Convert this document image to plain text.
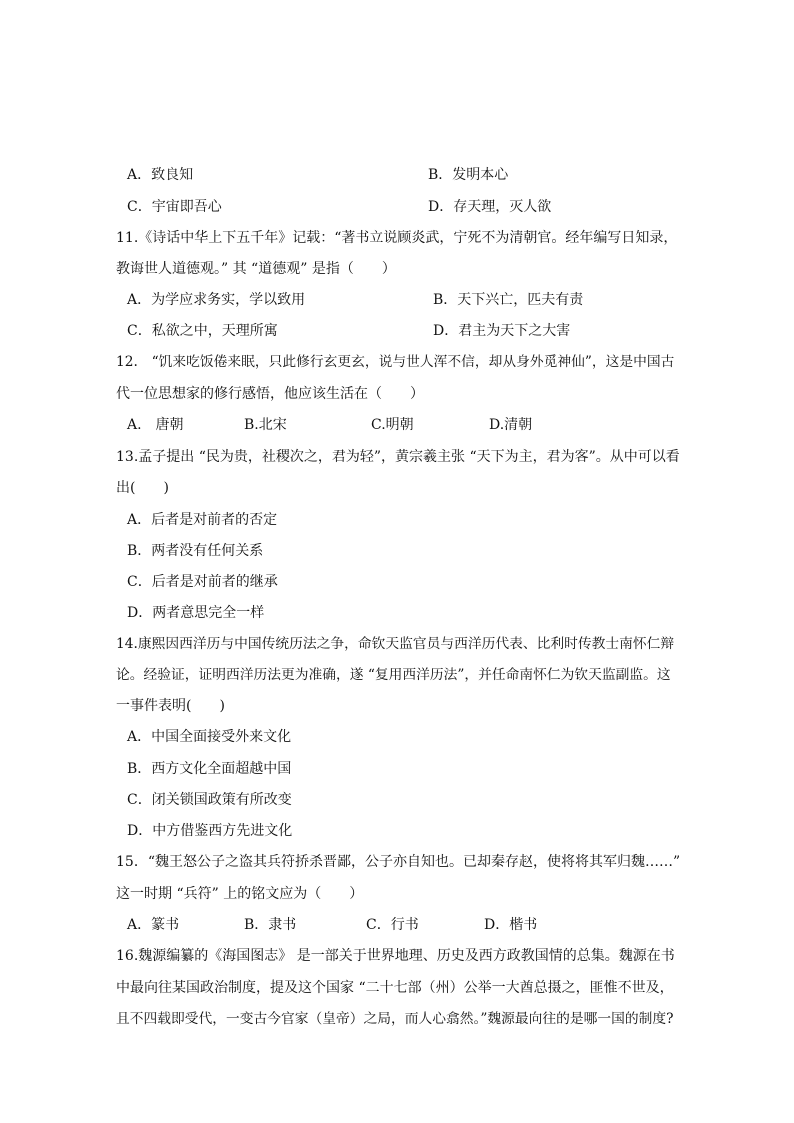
A．致良知	B．发明本心
C．宇宙即吾心	D．存天理，灭人欲
11.《诗话中华上下五千年》记载：“著书立说顾炎武，宁死不为清朝官。经年编写日知录，
教诲世人道德观。” 其 “道德观” 是指（　　）
A．为学应求务实，学以致用	B．天下兴亡，匹夫有责
C．私欲之中，天理所寓	D．君主为天下之大害
12.　“饥来吃饭倦来眠，只此修行玄更玄，说与世人浑不信，却从身外觅神仙”，这是中国古
代一位思想家的修行感悟，他应该生活在（　　）
A.　唐朝	B.北宋	C.明朝	D.清朝
13.孟子提出 “民为贵，社稷次之，君为轻”，黄宗羲主张 “天下为主，君为客”。从中可以看
出(　　)
A．后者是对前者的否定
B．两者没有任何关系
C．后者是对前者的继承
D．两者意思完全一样
14.康熙因西洋历与中国传统历法之争，命钦天监官员与西洋历代表、比利时传教士南怀仁辩
论。经验证，证明西洋历法更为准确，遂 “复用西洋历法”，并任命南怀仁为钦天监副监。这
一事件表明(　　)
A．中国全面接受外来文化
B．西方文化全面超越中国
C．闭关锁国政策有所改变
D．中方借鉴西方先进文化
15．“魏王怒公子之盗其兵符挢杀晋鄙，公子亦自知也。已却秦存赵，使将将其军归魏……”
这一时期 “兵符” 上的铭文应为（　　）
A．篆书	B．隶书	C．行书	D．楷书
16.魏源编纂的《海国图志》 是一部关于世界地理、历史及西方政教国情的总集。魏源在书
中最向往某国政治制度，提及这个国家 “二十七部（州）公举一大酋总摄之，匪惟不世及，
且不四载即受代，一变古今官家（皇帝）之局，而人心翕然。”魏源最向往的是哪一国的制度?
